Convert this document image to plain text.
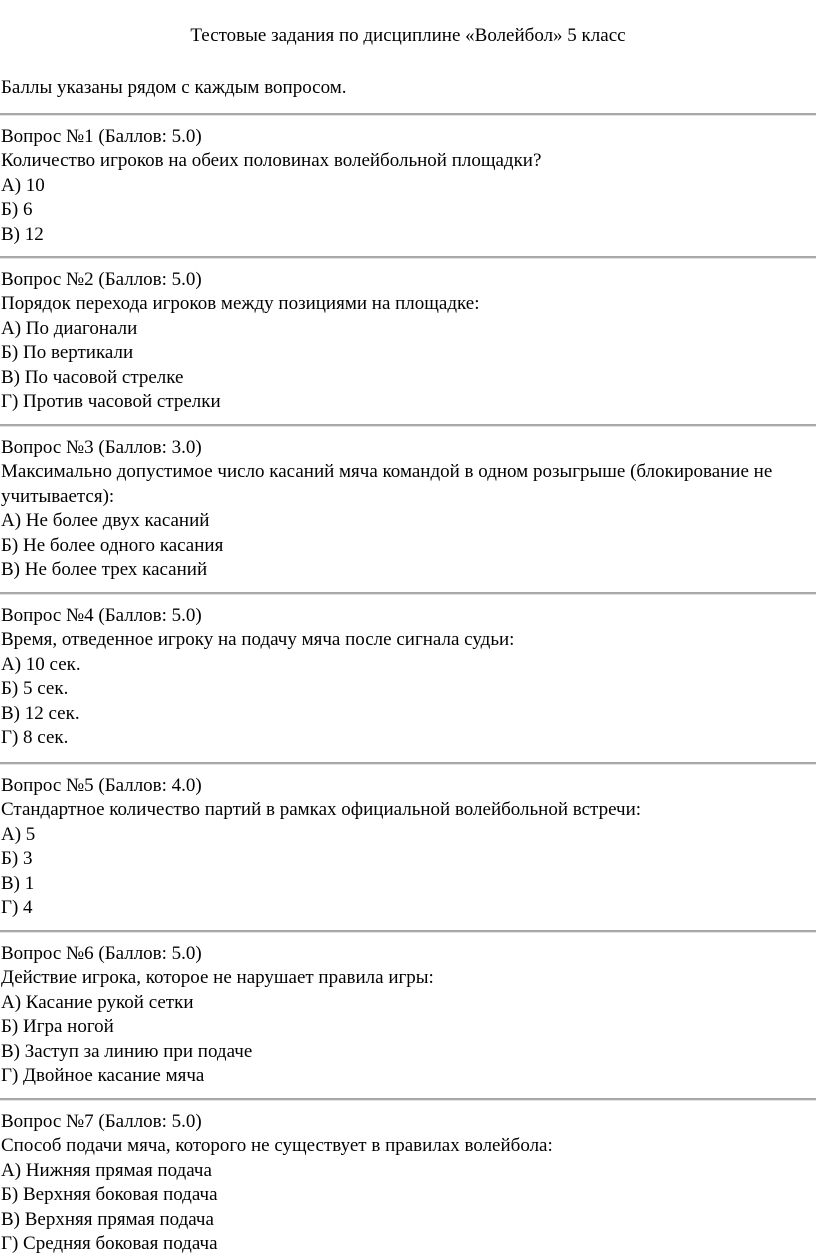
Тестовые задания по дисциплине «Волейбол» 5 класс
Баллы указаны рядом с каждым вопросом.
Вопрос №1 (Баллов: 5.0)
Количество игроков на обеих половинах волейбольной площадки?
А) 10
Б) 6
В) 12
Вопрос №2 (Баллов: 5.0)
Порядок перехода игроков между позициями на площадке:
А) По диагонали
Б) По вертикали
В) По часовой стрелке
Г) Против часовой стрелки
Вопрос №3 (Баллов: 3.0)
Максимально допустимое число касаний мяча командой в одном розыгрыше (блокирование не учитывается):
А) Не более двух касаний
Б) Не более одного касания
В) Не более трех касаний
Вопрос №4 (Баллов: 5.0)
Время, отведенное игроку на подачу мяча после сигнала судьи:
А) 10 сек.
Б) 5 сек.
В) 12 сек.
Г) 8 сек.
Вопрос №5 (Баллов: 4.0)
Стандартное количество партий в рамках официальной волейбольной встречи:
А) 5
Б) 3
В) 1
Г) 4
Вопрос №6 (Баллов: 5.0)
Действие игрока, которое не нарушает правила игры:
А) Касание рукой сетки
Б) Игра ногой
В) Заступ за линию при подаче
Г) Двойное касание мяча
Вопрос №7 (Баллов: 5.0)
Способ подачи мяча, которого не существует в правилах волейбола:
А) Нижняя прямая подача
Б) Верхняя боковая подача
В) Верхняя прямая подача
Г) Средняя боковая подача
